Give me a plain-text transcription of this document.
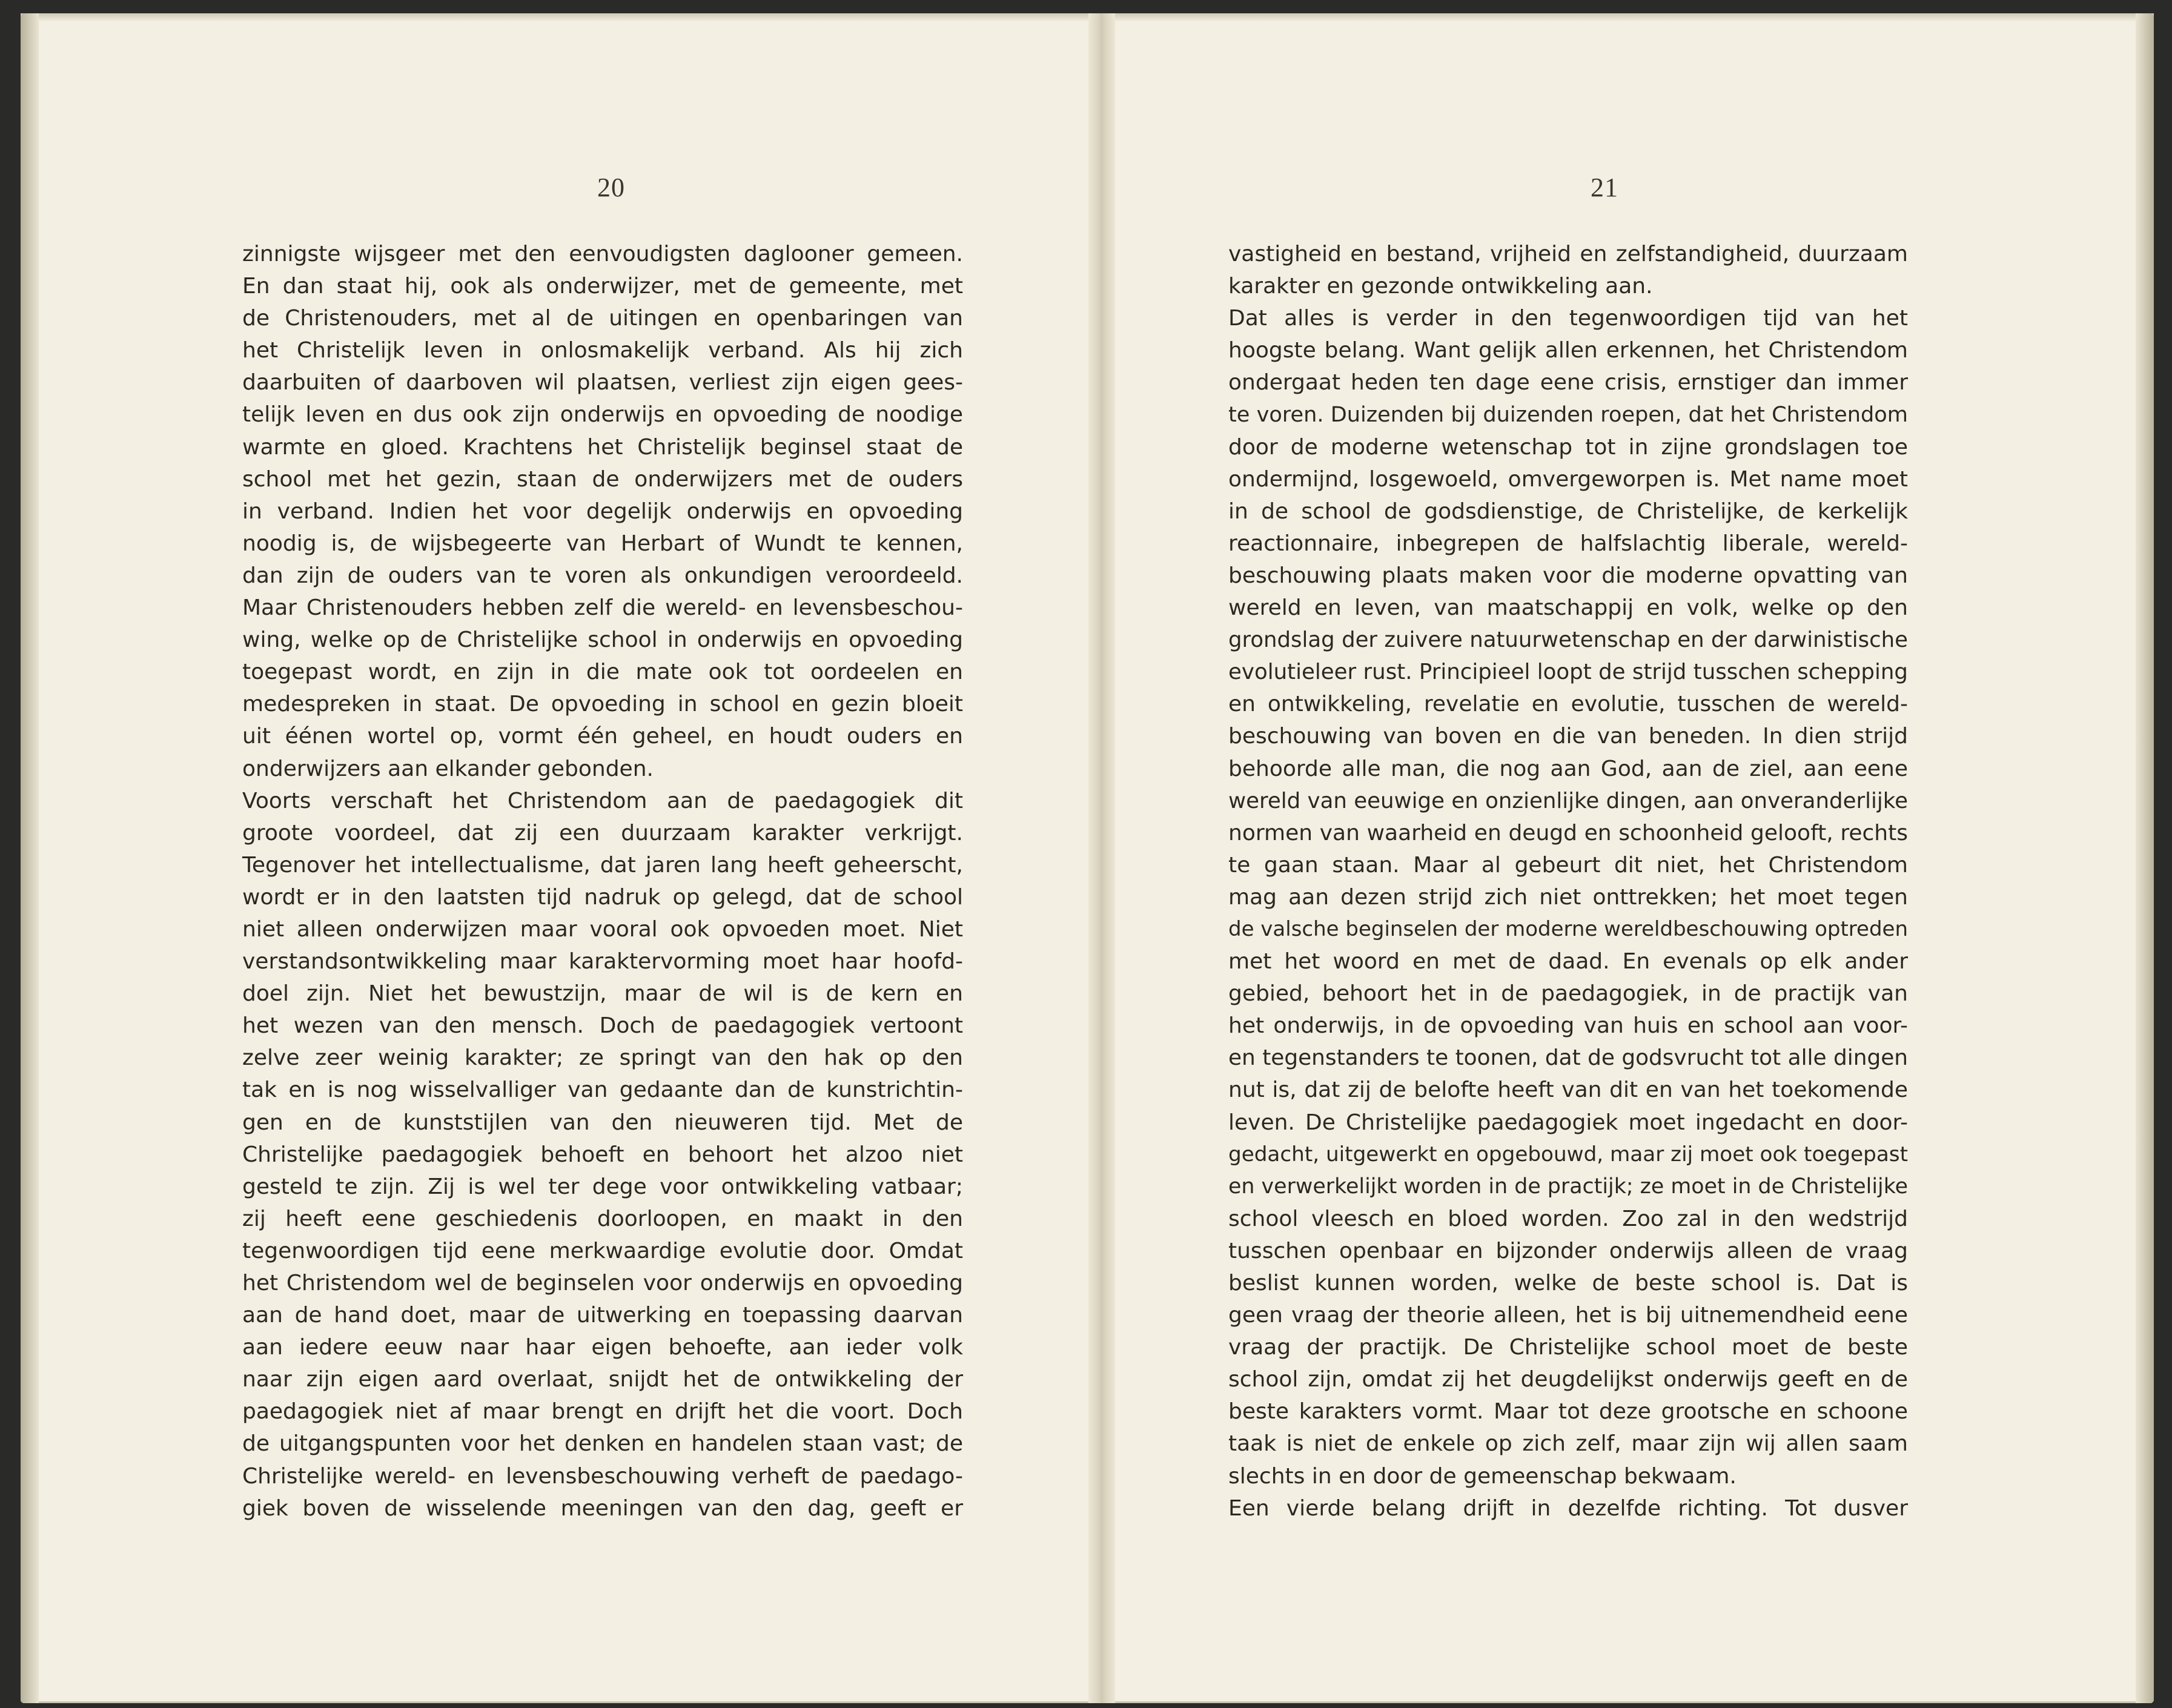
20	21
zinnigste wijsgeer met den eenvoudigsten daglooner gemeen.
En dan staat hij, ook als onderwijzer, met de gemeente, met
de Christenouders, met al de uitingen en openbaringen van
het Christelijk leven in onlosmakelijk verband. Als hij zich
daarbuiten of daarboven wil plaatsen, verliest zijn eigen gees-
telijk leven en dus ook zijn onderwijs en opvoeding de noodige
warmte en gloed. Krachtens het Christelijk beginsel staat de
school met het gezin, staan de onderwijzers met de ouders
in verband. Indien het voor degelijk onderwijs en opvoeding
noodig is, de wijsbegeerte van Herbart of Wundt te kennen,
dan zijn de ouders van te voren als onkundigen veroordeeld.
Maar Christenouders hebben zelf die wereld- en levensbeschou-
wing, welke op de Christelijke school in onderwijs en opvoeding
toegepast wordt, en zijn in die mate ook tot oordeelen en
medespreken in staat. De opvoeding in school en gezin bloeit
uit éénen wortel op, vormt één geheel, en houdt ouders en
onderwijzers aan elkander gebonden.
Voorts verschaft het Christendom aan de paedagogiek dit
groote voordeel, dat zij een duurzaam karakter verkrijgt.
Tegenover het intellectualisme, dat jaren lang heeft geheerscht,
wordt er in den laatsten tijd nadruk op gelegd, dat de school
niet alleen onderwijzen maar vooral ook opvoeden moet. Niet
verstandsontwikkeling maar karaktervorming moet haar hoofd-
doel zijn. Niet het bewustzijn, maar de wil is de kern en
het wezen van den mensch. Doch de paedagogiek vertoont
zelve zeer weinig karakter; ze springt van den hak op den
tak en is nog wisselvalliger van gedaante dan de kunstrichtin-
gen en de kunststijlen van den nieuweren tijd. Met de
Christelijke paedagogiek behoeft en behoort het alzoo niet
gesteld te zijn. Zij is wel ter dege voor ontwikkeling vatbaar;
zij heeft eene geschiedenis doorloopen, en maakt in den
tegenwoordigen tijd eene merkwaardige evolutie door. Omdat
het Christendom wel de beginselen voor onderwijs en opvoeding
aan de hand doet, maar de uitwerking en toepassing daarvan
aan iedere eeuw naar haar eigen behoefte, aan ieder volk
naar zijn eigen aard overlaat, snijdt het de ontwikkeling der
paedagogiek niet af maar brengt en drijft het die voort. Doch
de uitgangspunten voor het denken en handelen staan vast; de
Christelijke wereld- en levensbeschouwing verheft de paedago-
giek boven de wisselende meeningen van den dag, geeft er
vastigheid en bestand, vrijheid en zelfstandigheid, duurzaam
karakter en gezonde ontwikkeling aan.
Dat alles is verder in den tegenwoordigen tijd van het
hoogste belang. Want gelijk allen erkennen, het Christendom
ondergaat heden ten dage eene crisis, ernstiger dan immer
te voren. Duizenden bij duizenden roepen, dat het Christendom
door de moderne wetenschap tot in zijne grondslagen toe
ondermijnd, losgewoeld, omvergeworpen is. Met name moet
in de school de godsdienstige, de Christelijke, de kerkelijk
reactionnaire, inbegrepen de halfslachtig liberale, wereld-
beschouwing plaats maken voor die moderne opvatting van
wereld en leven, van maatschappij en volk, welke op den
grondslag der zuivere natuurwetenschap en der darwinistische
evolutieleer rust. Principieel loopt de strijd tusschen schepping
en ontwikkeling, revelatie en evolutie, tusschen de wereld-
beschouwing van boven en die van beneden. In dien strijd
behoorde alle man, die nog aan God, aan de ziel, aan eene
wereld van eeuwige en onzienlijke dingen, aan onveranderlijke
normen van waarheid en deugd en schoonheid gelooft, rechts
te gaan staan. Maar al gebeurt dit niet, het Christendom
mag aan dezen strijd zich niet onttrekken; het moet tegen
de valsche beginselen der moderne wereldbeschouwing optreden
met het woord en met de daad. En evenals op elk ander
gebied, behoort het in de paedagogiek, in de practijk van
het onderwijs, in de opvoeding van huis en school aan voor-
en tegenstanders te toonen, dat de godsvrucht tot alle dingen
nut is, dat zij de belofte heeft van dit en van het toekomende
leven. De Christelijke paedagogiek moet ingedacht en door-
gedacht, uitgewerkt en opgebouwd, maar zij moet ook toegepast
en verwerkelijkt worden in de practijk; ze moet in de Christelijke
school vleesch en bloed worden. Zoo zal in den wedstrijd
tusschen openbaar en bijzonder onderwijs alleen de vraag
beslist kunnen worden, welke de beste school is. Dat is
geen vraag der theorie alleen, het is bij uitnemendheid eene
vraag der practijk. De Christelijke school moet de beste
school zijn, omdat zij het deugdelijkst onderwijs geeft en de
beste karakters vormt. Maar tot deze grootsche en schoone
taak is niet de enkele op zich zelf, maar zijn wij allen saam
slechts in en door de gemeenschap bekwaam.
Een vierde belang drijft in dezelfde richting. Tot dusver
